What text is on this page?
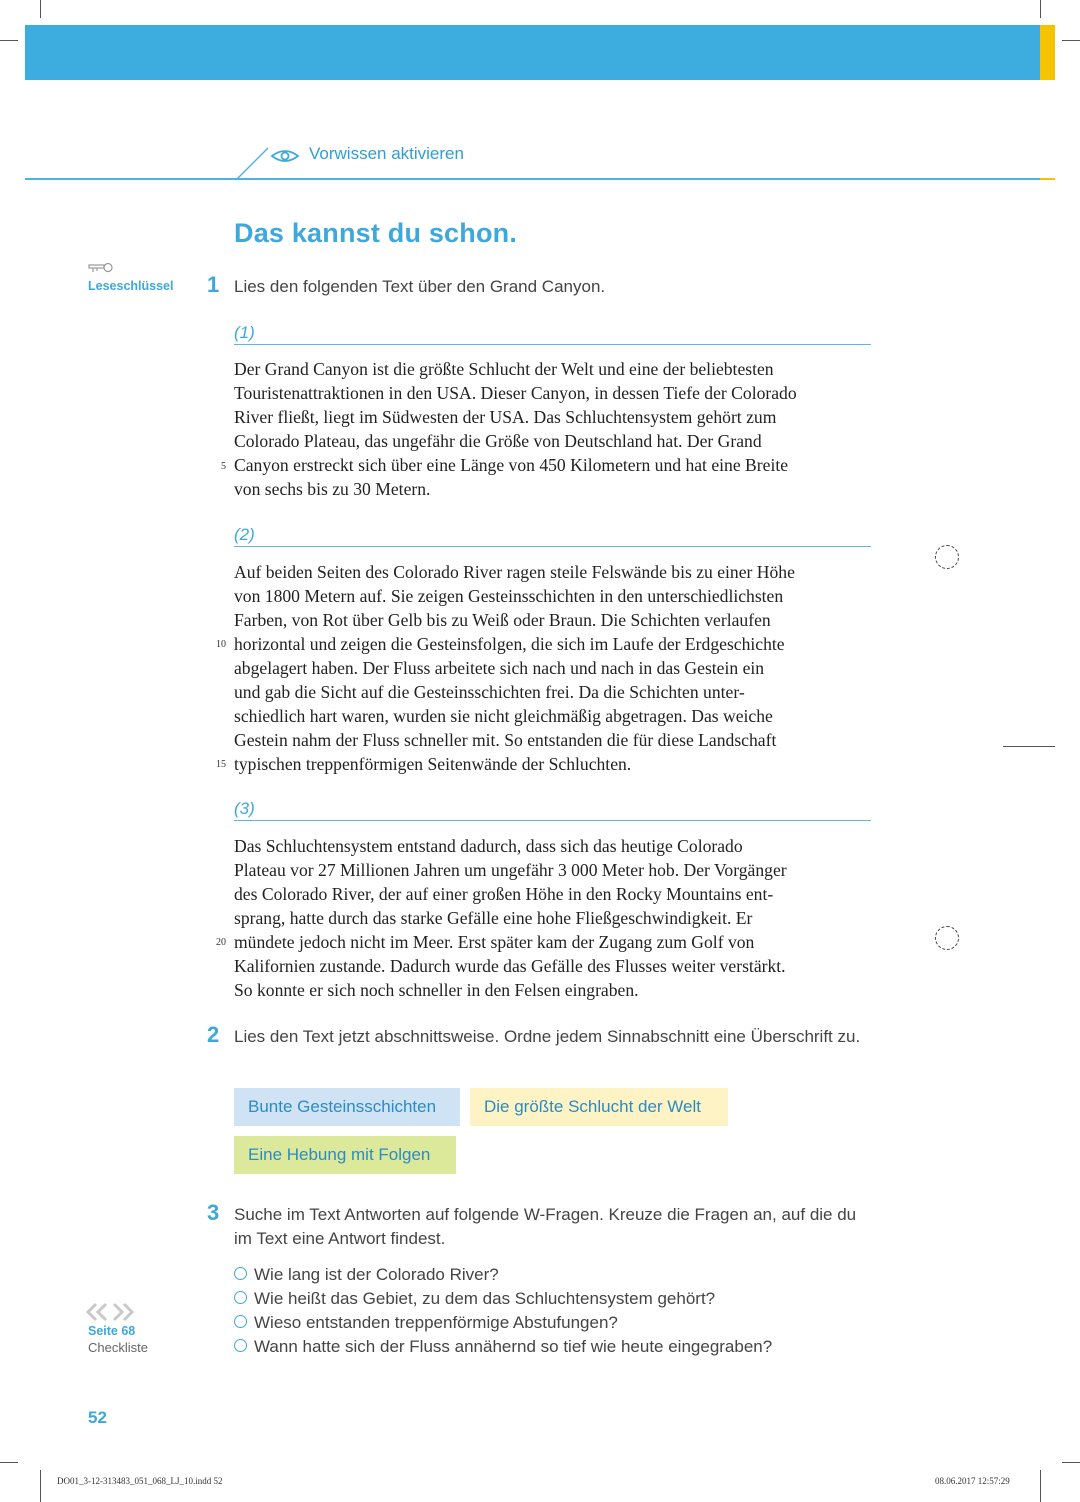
Vorwissen aktivieren
Das kannst du schon.
Leseschlüssel 1 Lies den folgenden Text über den Grand Canyon.
(1)
Der Grand Canyon ist die größte Schlucht der Welt und eine der beliebtesten
Touristenattraktionen in den USA. Dieser Canyon, in dessen Tiefe der Colorado
River fließt, liegt im Südwesten der USA. Das Schluchtensystem gehört zum
Colorado Plateau, das ungefähr die Größe von Deutschland hat. Der Grand
Canyon erstreckt sich über eine Länge von 450 Kilometern und hat eine Breite
von sechs bis zu 30 Metern.
5
(2)
Auf beiden Seiten des Colorado River ragen steile Felswände bis zu einer Höhe
von 1800 Metern auf. Sie zeigen Gesteinsschichten in den unterschiedlichsten
Farben, von Rot über Gelb bis zu Weiß oder Braun. Die Schichten verlaufen
horizontal und zeigen die Gesteinsfolgen, die sich im Laufe der Erdgeschichte
abgelagert haben. Der Fluss arbeitete sich nach und nach in das Gestein ein
und gab die Sicht auf die Gesteinsschichten frei. Da die Schichten unter-
schiedlich hart waren, wurden sie nicht gleichmäßig abgetragen. Das weiche
Gestein nahm der Fluss schneller mit. So entstanden die für diese Landschaft
typischen treppenförmigen Seitenwände der Schluchten.
10
15
(3)
Das Schluchtensystem entstand dadurch, dass sich das heutige Colorado
Plateau vor 27 Millionen Jahren um ungefähr 3 000 Meter hob. Der Vorgänger
des Colorado River, der auf einer großen Höhe in den Rocky Mountains ent-
sprang, hatte durch das starke Gefälle eine hohe Fließgeschwindigkeit. Er
mündete jedoch nicht im Meer. Erst später kam der Zugang zum Golf von
Kalifornien zustande. Dadurch wurde das Gefälle des Flusses weiter verstärkt.
So konnte er sich noch schneller in den Felsen eingraben.
20
2 Lies den Text jetzt abschnittsweise. Ordne jedem Sinnabschnitt eine Überschrift zu.
Bunte Gesteinsschichten	Die größte Schlucht der Welt
Eine Hebung mit Folgen
3 Suche im Text Antworten auf folgende W-Fragen. Kreuze die Fragen an, auf die du im Text eine Antwort findest.
Wie lang ist der Colorado River?
Wie heißt das Gebiet, zu dem das Schluchtensystem gehört?
Wieso entstanden treppenförmige Abstufungen?
Wann hatte sich der Fluss annähernd so tief wie heute eingegraben?
Seite 68
Checkliste
52
DO01_3-12-313483_051_068_LJ_10.indd 52	08.06.2017 12:57:29
